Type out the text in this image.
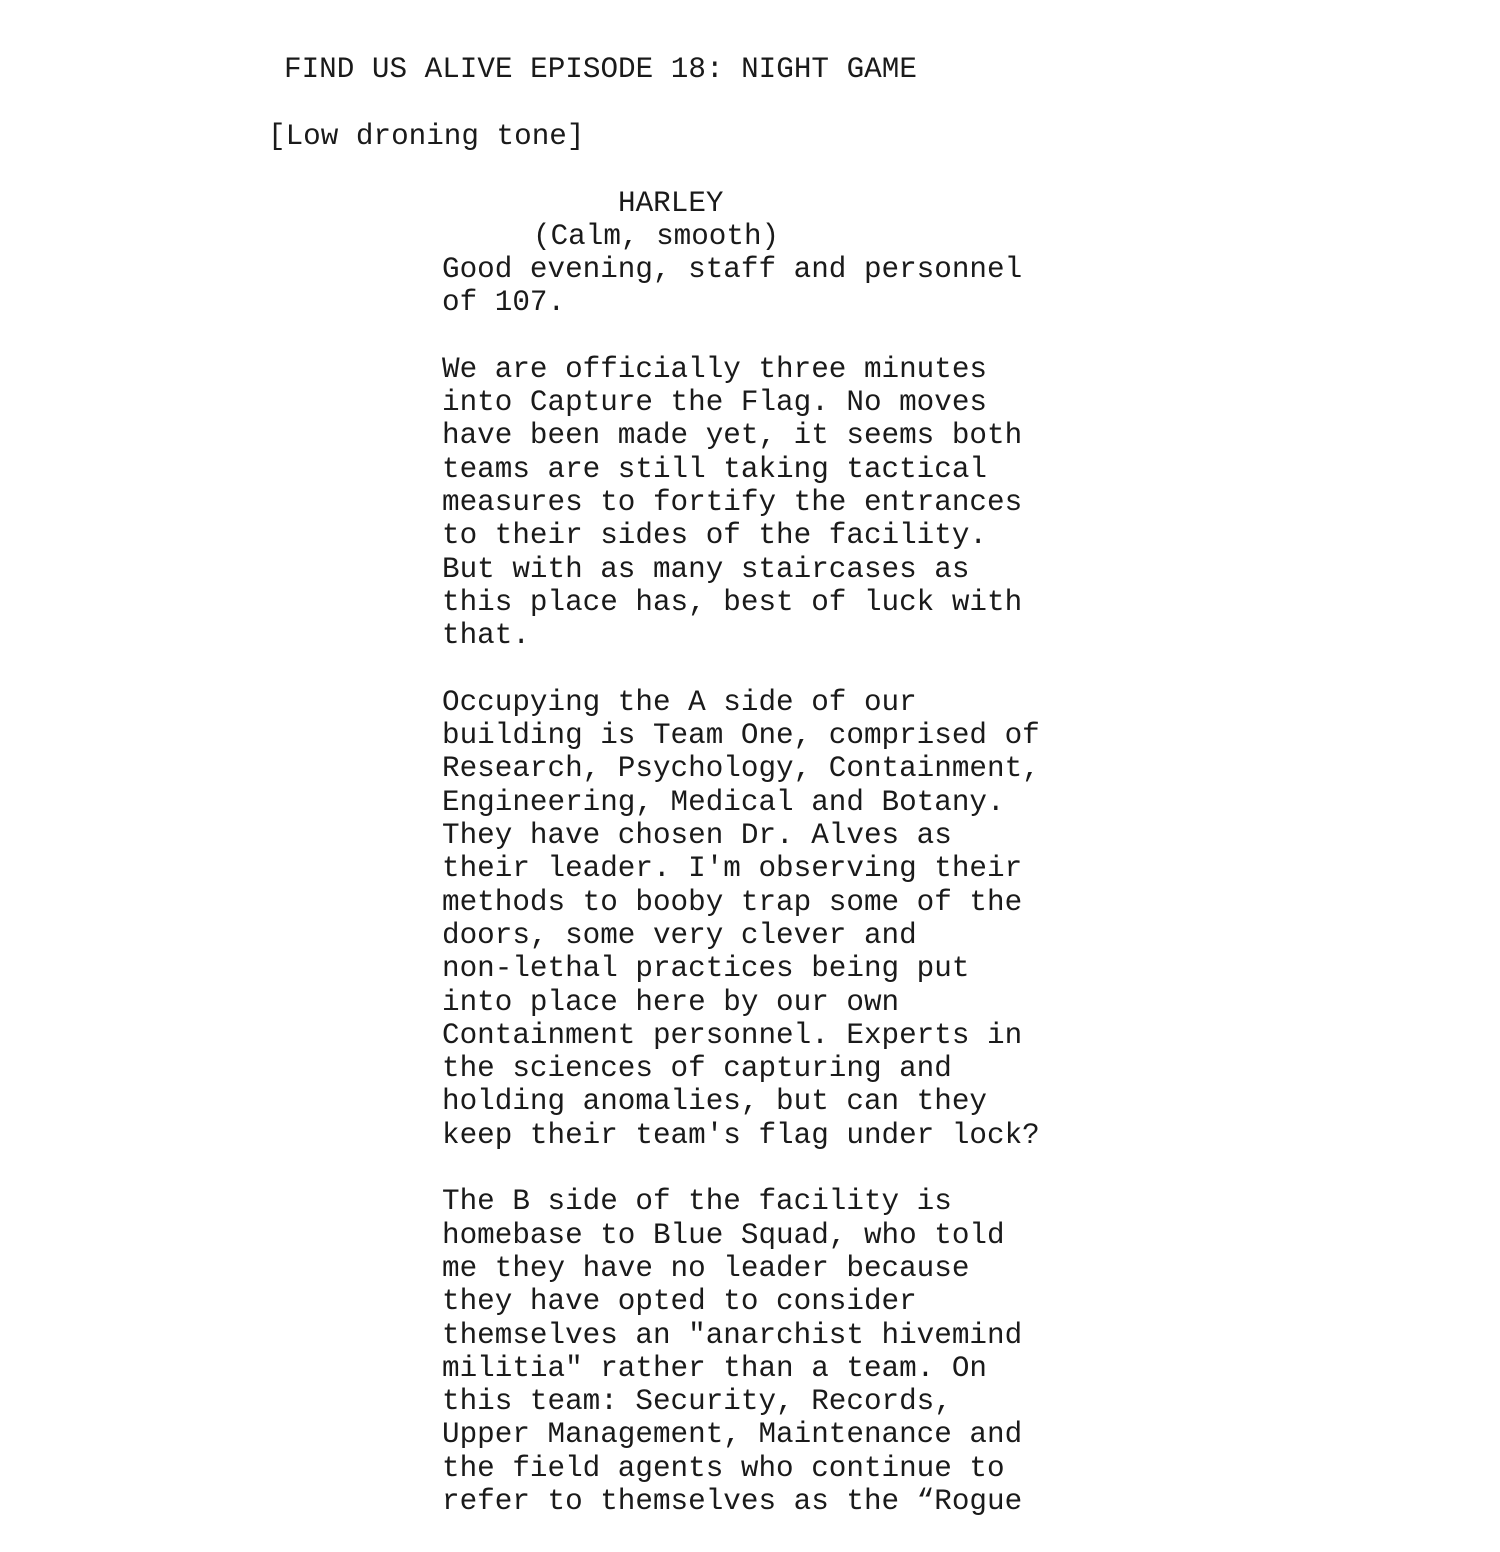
FIND US ALIVE EPISODE 18: NIGHT GAME
[Low droning tone]
HARLEY
(Calm, smooth)
Good evening, staff and personnel
of 107.
We are officially three minutes
into Capture the Flag. No moves
have been made yet, it seems both
teams are still taking tactical
measures to fortify the entrances
to their sides of the facility.
But with as many staircases as
this place has, best of luck with
that.
Occupying the A side of our
building is Team One, comprised of
Research, Psychology, Containment,
Engineering, Medical and Botany.
They have chosen Dr. Alves as
their leader. I'm observing their
methods to booby trap some of the
doors, some very clever and
non-lethal practices being put
into place here by our own
Containment personnel. Experts in
the sciences of capturing and
holding anomalies, but can they
keep their team's flag under lock?
The B side of the facility is
homebase to Blue Squad, who told
me they have no leader because
they have opted to consider
themselves an "anarchist hivemind
militia" rather than a team. On
this team: Security, Records,
Upper Management, Maintenance and
the field agents who continue to
refer to themselves as the “Rogue
